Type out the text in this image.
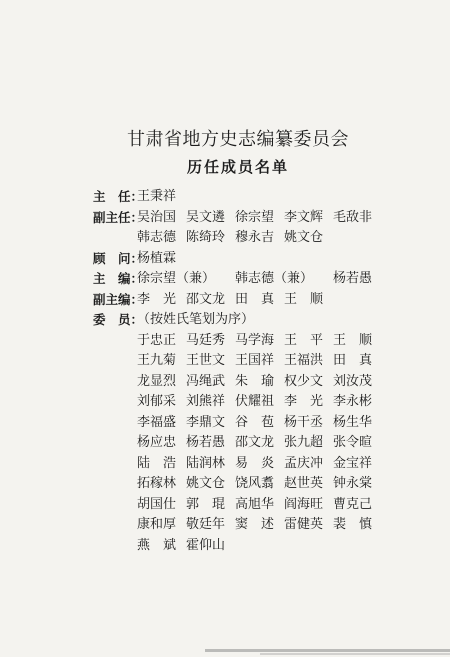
甘肃省地方史志编纂委员会
历任成员名单
主　任：
王秉祥
副主任：
吴治国 吴文遴 徐宗望 李文辉 毛敌非
韩志德 陈绮玲 穆永吉 姚文仓
顾　问：
杨植霖
主　编：
徐宗望（兼） 韩志德（兼） 杨若愚
副主编：
李　光 邵文龙 田　真 王　顺
委　员：
（按姓氏笔划为序）
于忠正 马廷秀 马学海 王　平 王　顺
王九菊 王世文 王国祥 王福洪 田　真
龙显烈 冯绳武 朱　瑜 权少文 刘汝茂
刘郁采 刘熊祥 伏耀祖 李　光 李永彬
李福盛 李鼎文 谷　苞 杨干丞 杨生华
杨应忠 杨若愚 邵文龙 张九超 张令暄
陆　浩 陆润林 易　炎 孟庆冲 金宝祥
拓稼林 姚文仓 饶风翥 赵世英 钟永棠
胡国仕 郭　琨 高旭华 阎海旺 曹克己
康和厚 敬廷年 窦　述 雷健英 裴　慎
燕　斌 霍仰山
